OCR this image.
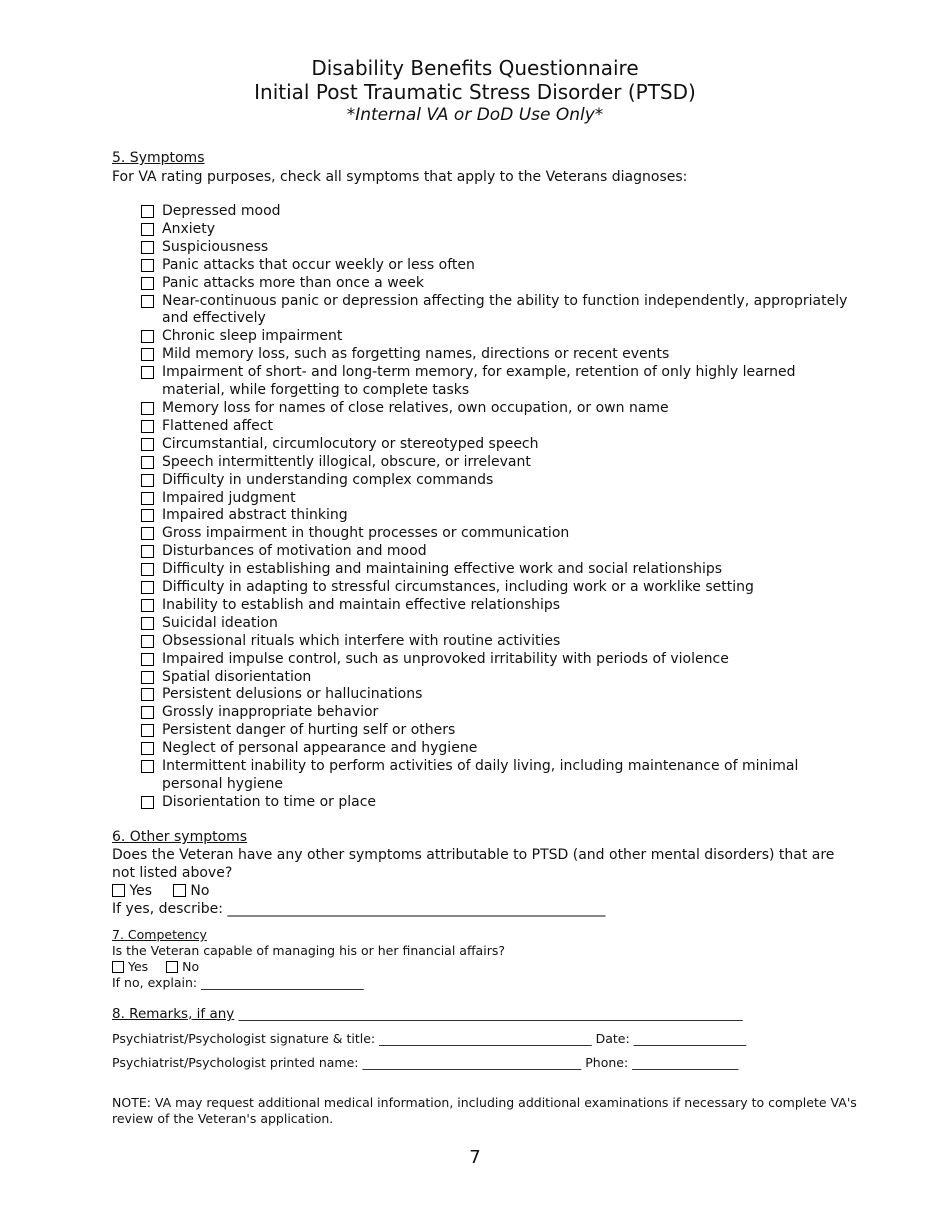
Disability Benefits Questionnaire
Initial Post Traumatic Stress Disorder (PTSD)
*Internal VA or DoD Use Only*
5. Symptoms
For VA rating purposes, check all symptoms that apply to the Veterans diagnoses:
Depressed mood
Anxiety
Suspiciousness
Panic attacks that occur weekly or less often
Panic attacks more than once a week
Near-continuous panic or depression affecting the ability to function independently, appropriately and effectively
Chronic sleep impairment
Mild memory loss, such as forgetting names, directions or recent events
Impairment of short- and long-term memory, for example, retention of only highly learned material, while forgetting to complete tasks
Memory loss for names of close relatives, own occupation, or own name
Flattened affect
Circumstantial, circumlocutory or stereotyped speech
Speech intermittently illogical, obscure, or irrelevant
Difficulty in understanding complex commands
Impaired judgment
Impaired abstract thinking
Gross impairment in thought processes or communication
Disturbances of motivation and mood
Difficulty in establishing and maintaining effective work and social relationships
Difficulty in adapting to stressful circumstances, including work or a worklike setting
Inability to establish and maintain effective relationships
Suicidal ideation
Obsessional rituals which interfere with routine activities
Impaired impulse control, such as unprovoked irritability with periods of violence
Spatial disorientation
Persistent delusions or hallucinations
Grossly inappropriate behavior
Persistent danger of hurting self or others
Neglect of personal appearance and hygiene
Intermittent inability to perform activities of daily living, including maintenance of minimal personal hygiene
Disorientation to time or place
6. Other symptoms
Does the Veteran have any other symptoms attributable to PTSD (and other mental disorders) that are not listed above?
Yes	No
If yes, describe: ______________________________________________________
7. Competency
Is the Veteran capable of managing his or her financial affairs?
Yes	No
If no, explain: __________________________
8. Remarks, if any ____________________________________________________________________________________
Psychiatrist/Psychologist signature & title: __________________________________ Date: __________________
Psychiatrist/Psychologist printed name: ___________________________________ Phone: _________________
NOTE: VA may request additional medical information, including additional examinations if necessary to complete VA's review of the Veteran's application.
7
